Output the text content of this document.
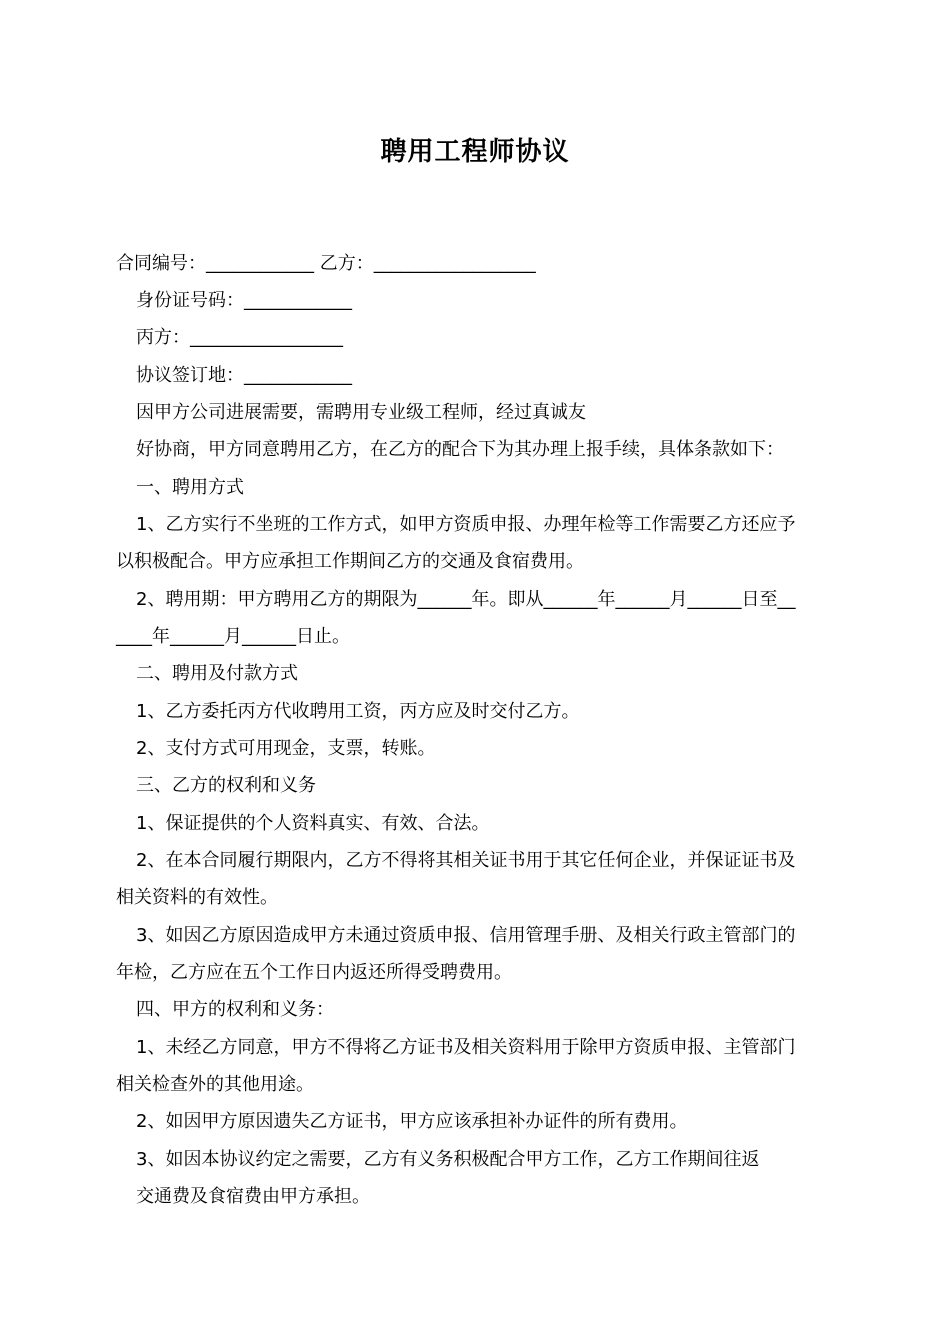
聘用工程师协议
合同编号：____________ 乙方：__________________
身份证号码：____________
丙方：_________________
协议签订地：____________
因甲方公司进展需要，需聘用专业级工程师，经过真诚友
好协商，甲方同意聘用乙方，在乙方的配合下为其办理上报手续，具体条款如下：
一、聘用方式
1、乙方实行不坐班的工作方式，如甲方资质申报、办理年检等工作需要乙方还应予
以积极配合。甲方应承担工作期间乙方的交通及食宿费用。
2、聘用期：甲方聘用乙方的期限为______年。即从______年______月______日至__
____年______月______日止。
二、聘用及付款方式
1、乙方委托丙方代收聘用工资，丙方应及时交付乙方。
2、支付方式可用现金，支票，转账。
三、乙方的权利和义务
1、保证提供的个人资料真实、有效、合法。
2、在本合同履行期限内，乙方不得将其相关证书用于其它任何企业，并保证证书及
相关资料的有效性。
3、如因乙方原因造成甲方未通过资质申报、信用管理手册、及相关行政主管部门的
年检，乙方应在五个工作日内返还所得受聘费用。
四、甲方的权利和义务：
1、未经乙方同意，甲方不得将乙方证书及相关资料用于除甲方资质申报、主管部门
相关检查外的其他用途。
2、如因甲方原因遗失乙方证书，甲方应该承担补办证件的所有费用。
3、如因本协议约定之需要，乙方有义务积极配合甲方工作，乙方工作期间往返
交通费及食宿费由甲方承担。
